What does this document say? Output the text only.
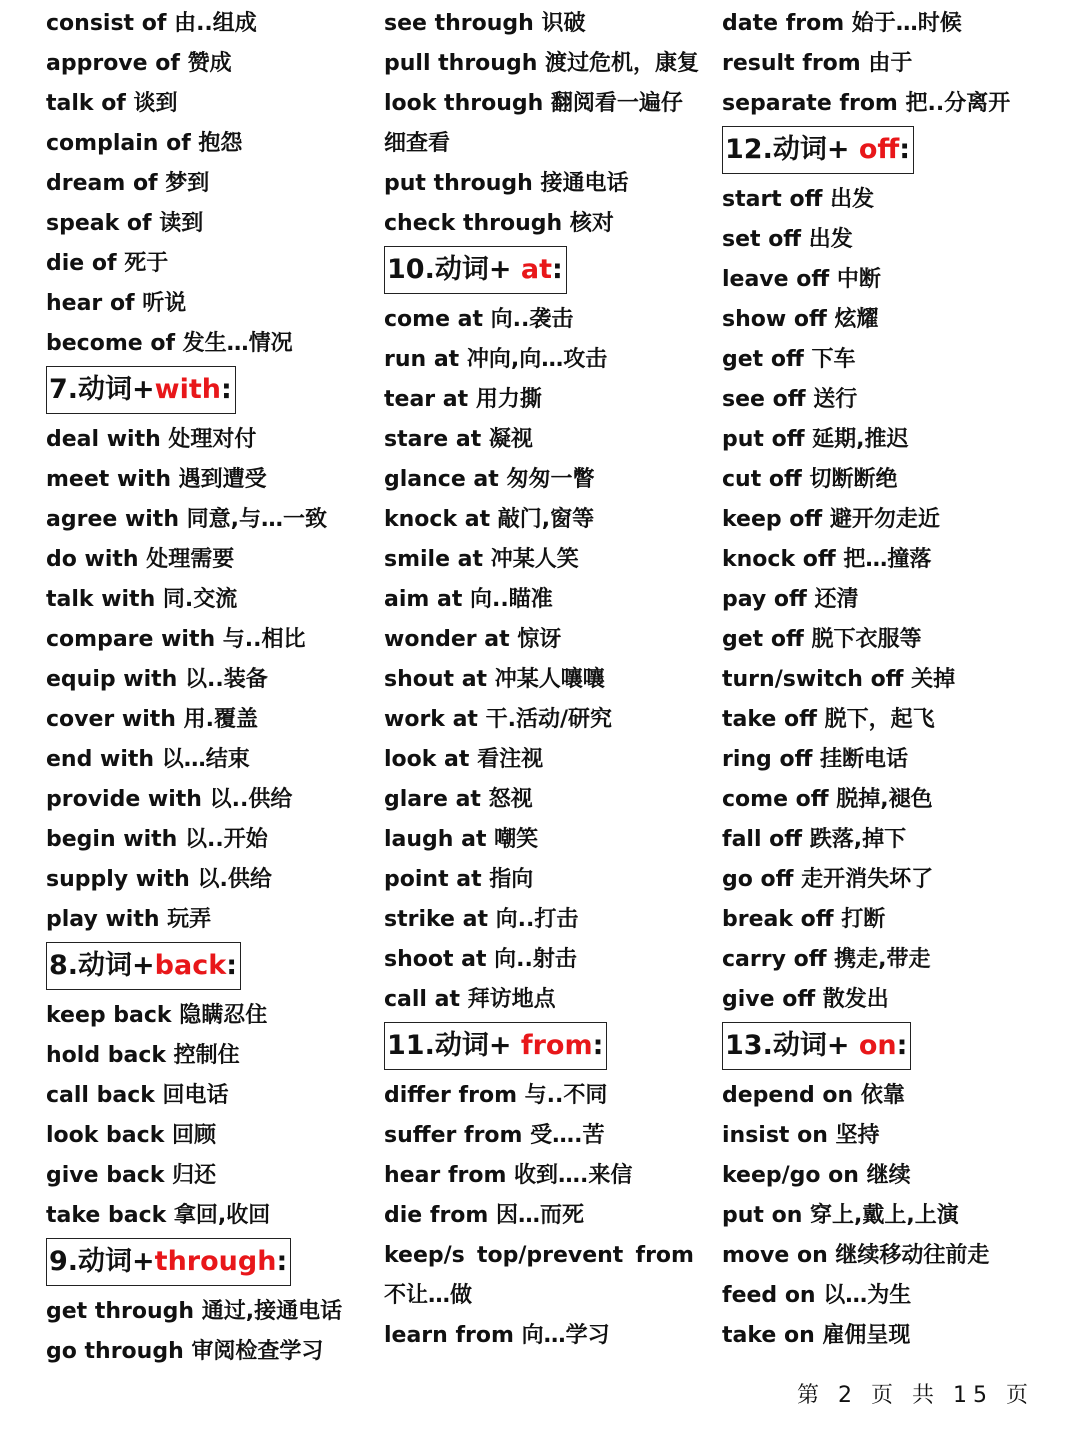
consist of 由..组成
approve of 赞成
talk of 谈到
complain of 抱怨
dream of 梦到
speak of 读到
die of 死于
hear of 听说
become of 发生…情况
7.动词+with:
deal with 处理对付
meet with 遇到遭受
agree with 同意,与…一致
do with 处理需要
talk with 同.交流
compare with 与..相比
equip with 以..装备
cover with 用.覆盖
end with 以…结束
provide with 以..供给
begin with 以..开始
supply with 以.供给
play with 玩弄
8.动词+back:
keep back 隐瞒忍住
hold back 控制住
call back 回电话
look back 回顾
give back 归还
take back 拿回,收回
9.动词+through:
get through 通过,接通电话
go through 审阅检查学习
see through 识破
pull through 渡过危机，康复
look through 翻阅看一遍仔
细查看
put through 接通电话
check through 核对
10.动词+ at:
come at 向..袭击
run at 冲向,向…攻击
tear at 用力撕
stare at 凝视
glance at 匆匆一瞥
knock at 敲门,窗等
smile at 冲某人笑
aim at 向..瞄准
wonder at 惊讶
shout at 冲某人嚷嚷
work at 干.活动/研究
look at 看注视
glare at 怒视
laugh at 嘲笑
point at 指向
strike at 向..打击
shoot at 向..射击
call at 拜访地点
11.动词+ from:
differ from 与..不同
suffer from 受….苦
hear from 收到….来信
die from 因…而死
keep/s top/prevent from
不让…做
learn from 向…学习
date from 始于…时候
result from 由于
separate from 把..分离开
12.动词+ off:
start off 出发
set off 出发
leave off 中断
show off 炫耀
get off 下车
see off 送行
put off 延期,推迟
cut off 切断断绝
keep off 避开勿走近
knock off 把…撞落
pay off 还清
get off 脱下衣服等
turn/switch off 关掉
take off 脱下，起飞
ring off 挂断电话
come off 脱掉,褪色
fall off 跌落,掉下
go off 走开消失坏了
break off 打断
carry off 携走,带走
give off 散发出
13.动词+ on:
depend on 依靠
insist on 坚持
keep/go on 继续
put on 穿上,戴上,上演
move on 继续移动往前走
feed on 以…为生
take on 雇佣呈现
第 2 页 共 15 页
